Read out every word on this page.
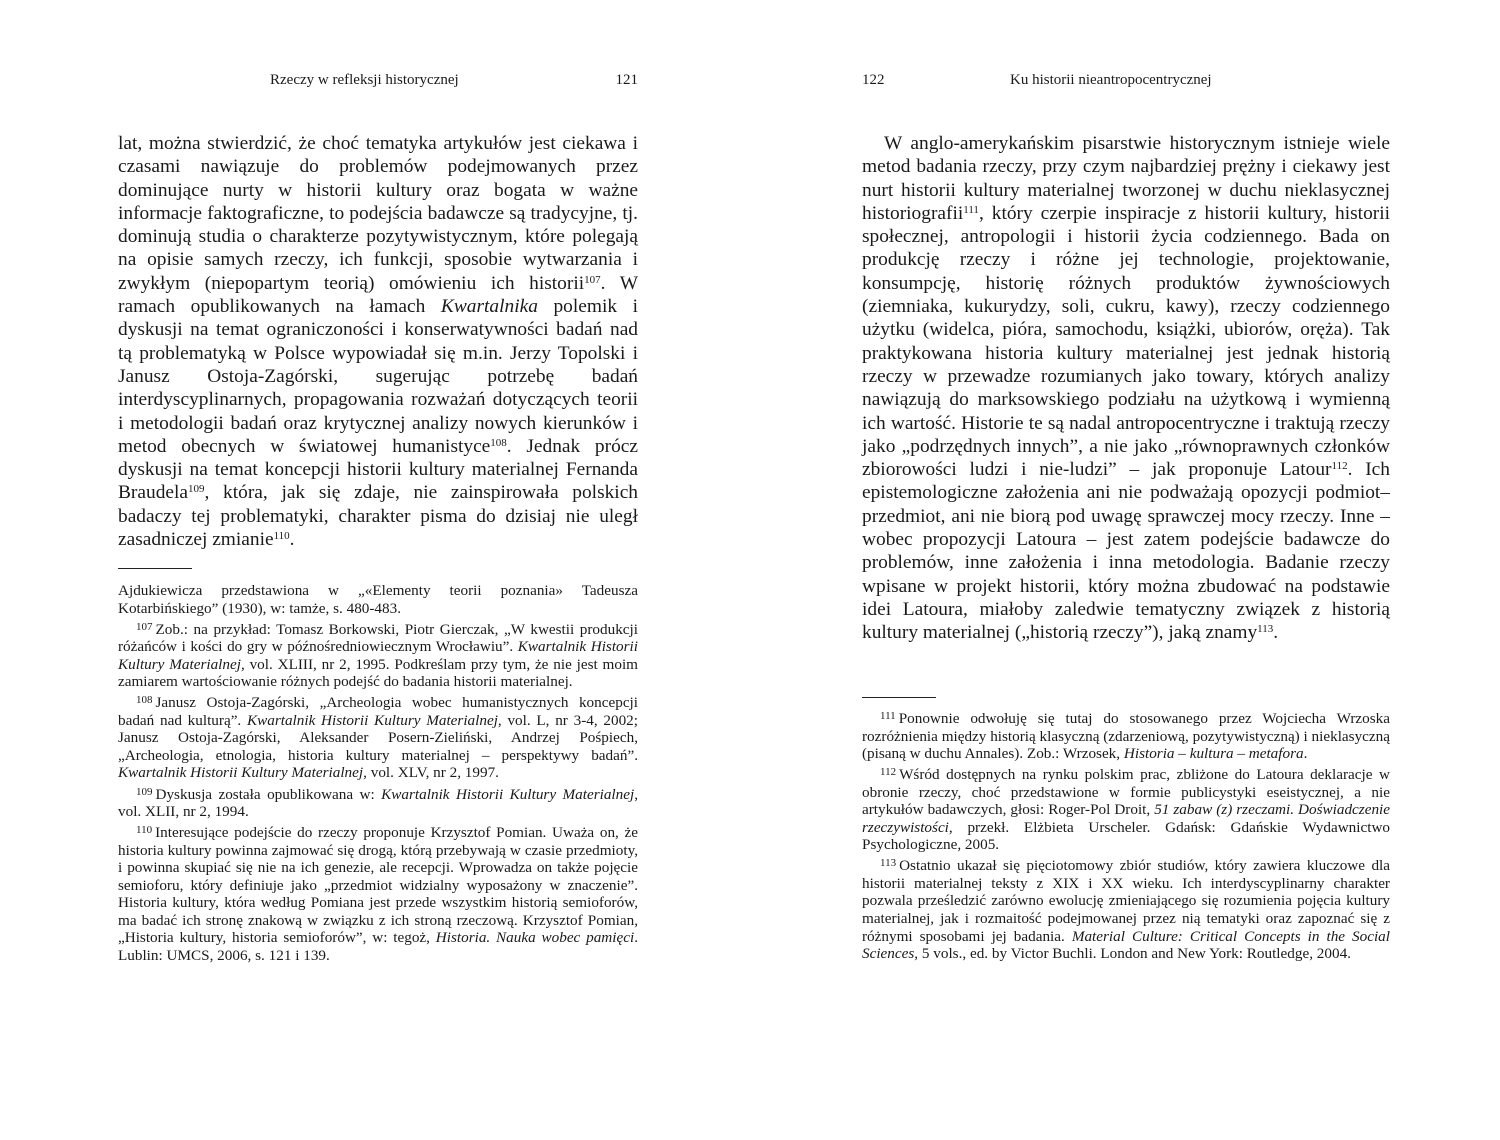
Rzeczy w refleksji historycznej	121

lat, można stwierdzić, że choć tematyka artykułów jest ciekawa i czasami nawiązuje do problemów podejmowanych przez dominujące nurty w historii kultury oraz bogata w ważne informacje faktograficzne, to podejścia badawcze są tradycyjne, tj. dominują studia o charakterze pozytywistycznym, które polegają na opisie samych rzeczy, ich funkcji, sposobie wytwarzania i zwykłym (niepopartym teorią) omówieniu ich historii$^{107}$. W ramach opublikowanych na łamach Kwartalnika polemik i dyskusji na temat ograniczoności i konserwatywności badań nad tą problematyką w Polsce wypowiadał się m.in. Jerzy Topolski i Janusz Ostoja-Zagórski, sugerując potrzebę badań interdyscyplinarnych, propagowania rozważań dotyczących teorii i metodologii badań oraz krytycznej analizy nowych kierunków i metod obecnych w światowej humanistyce$^{108}$. Jednak prócz dyskusji na temat koncepcji historii kultury materialnej Fernanda Braudela$^{109}$, która, jak się zdaje, nie zainspirowała polskich badaczy tej problematyki, charakter pisma do dzisiaj nie uległ zasadniczej zmianie$^{110}$.

Ajdukiewicza przedstawiona w „«Elementy teorii poznania» Tadeusza Kotarbińskiego” (1930), w: tamże, s. 480-483.

$^{107}$ Zob.: na przykład: Tomasz Borkowski, Piotr Gierczak, „W kwestii produkcji różańców i kości do gry w późnośredniowiecznym Wrocławiu”. Kwartalnik Historii Kultury Materialnej, vol. XLIII, nr 2, 1995. Podkreślam przy tym, że nie jest moim zamiarem wartościowanie różnych podejść do badania historii materialnej.

$^{108}$ Janusz Ostoja-Zagórski, „Archeologia wobec humanistycznych koncepcji badań nad kulturą”. Kwartalnik Historii Kultury Materialnej, vol. L, nr 3-4, 2002; Janusz Ostoja-Zagórski, Aleksander Posern-Zieliński, Andrzej Pośpiech, „Archeologia, etnologia, historia kultury materialnej – perspektywy badań”. Kwartalnik Historii Kultury Materialnej, vol. XLV, nr 2, 1997.

$^{109}$ Dyskusja została opublikowana w: Kwartalnik Historii Kultury Materialnej, vol. XLII, nr 2, 1994.

$^{110}$ Interesujące podejście do rzeczy proponuje Krzysztof Pomian. Uważa on, że historia kultury powinna zajmować się drogą, którą przebywają w czasie przedmioty, i powinna skupiać się nie na ich genezie, ale recepcji. Wprowadza on także pojęcie semioforu, który definiuje jako „przedmiot widzialny wyposażony w znaczenie”. Historia kultury, która według Pomiana jest przede wszystkim historią semioforów, ma badać ich stronę znakową w związku z ich stroną rzeczową. Krzysztof Pomian, „Historia kultury, historia semioforów”, w: tegoż, Historia. Nauka wobec pamięci. Lublin: UMCS, 2006, s. 121 i 139.

122	Ku historii nieantropocentrycznej

W anglo-amerykańskim pisarstwie historycznym istnieje wiele metod badania rzeczy, przy czym najbardziej prężny i ciekawy jest nurt historii kultury materialnej tworzonej w duchu nieklasycznej historiografii$^{111}$, który czerpie inspiracje z historii kultury, historii społecznej, antropologii i historii życia codziennego. Bada on produkcję rzeczy i różne jej technologie, projektowanie, konsumpcję, historię różnych produktów żywnościowych (ziemniaka, kukurydzy, soli, cukru, kawy), rzeczy codziennego użytku (widelca, pióra, samochodu, książki, ubiorów, oręża). Tak praktykowana historia kultury materialnej jest jednak historią rzeczy w przewadze rozumianych jako towary, których analizy nawiązują do marksowskiego podziału na użytkową i wymienną ich wartość. Historie te są nadal antropocentryczne i traktują rzeczy jako „podrzędnych innych”, a nie jako „równoprawnych członków zbiorowości ludzi i nie-ludzi” – jak proponuje Latour$^{112}$. Ich epistemologiczne założenia ani nie podważają opozycji podmiot–przedmiot, ani nie biorą pod uwagę sprawczej mocy rzeczy. Inne – wobec propozycji Latoura – jest zatem podejście badawcze do problemów, inne założenia i inna metodologia. Badanie rzeczy wpisane w projekt historii, który można zbudować na podstawie idei Latoura, miałoby zaledwie tematyczny związek z historią kultury materialnej („historią rzeczy”), jaką znamy$^{113}$.

$^{111}$ Ponownie odwołuję się tutaj do stosowanego przez Wojciecha Wrzoska rozróżnienia między historią klasyczną (zdarzeniową, pozytywistyczną) i nieklasyczną (pisaną w duchu Annales). Zob.: Wrzosek, Historia – kultura – metafora.

$^{112}$ Wśród dostępnych na rynku polskim prac, zbliżone do Latoura deklaracje w obronie rzeczy, choć przedstawione w formie publicystyki eseistycznej, a nie artykułów badawczych, głosi: Roger-Pol Droit, 51 zabaw (z) rzeczami. Doświadczenie rzeczywistości, przekł. Elżbieta Urscheler. Gdańsk: Gdańskie Wydawnictwo Psychologiczne, 2005.

$^{113}$ Ostatnio ukazał się pięciotomowy zbiór studiów, który zawiera kluczowe dla historii materialnej teksty z XIX i XX wieku. Ich interdyscyplinarny charakter pozwala prześledzić zarówno ewolucję zmieniającego się rozumienia pojęcia kultury materialnej, jak i rozmaitość podejmowanej przez nią tematyki oraz zapoznać się z różnymi sposobami jej badania. Material Culture: Critical Concepts in the Social Sciences, 5 vols., ed. by Victor Buchli. London and New York: Routledge, 2004.
